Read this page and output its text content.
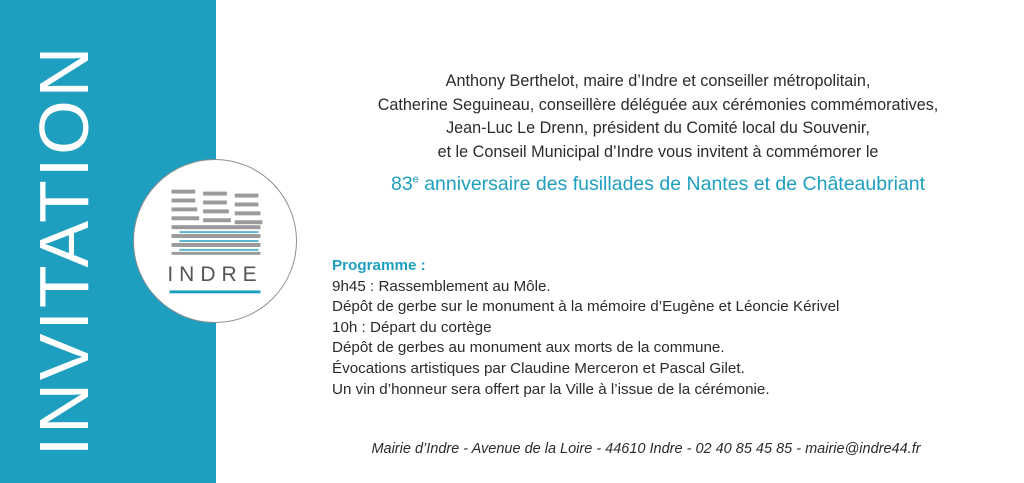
INVITATION	INDRE
Anthony Berthelot, maire d’Indre et conseiller métropolitain,
Catherine Seguineau, conseillère déléguée aux cérémonies commémoratives,
Jean-Luc Le Drenn, président du Comité local du Souvenir,
et le Conseil Municipal d’Indre vous invitent à commémorer le
83e anniversaire des fusillades de Nantes et de Châteaubriant
Programme :
9h45 : Rassemblement au Môle.
Dépôt de gerbe sur le monument à la mémoire d’Eugène et Léoncie Kérivel
10h : Départ du cortège
Dépôt de gerbes au monument aux morts de la commune.
Évocations artistiques par Claudine Merceron et Pascal Gilet.
Un vin d’honneur sera offert par la Ville à l’issue de la cérémonie.
Mairie d’Indre - Avenue de la Loire - 44610 Indre - 02 40 85 45 85 - mairie@indre44.fr
